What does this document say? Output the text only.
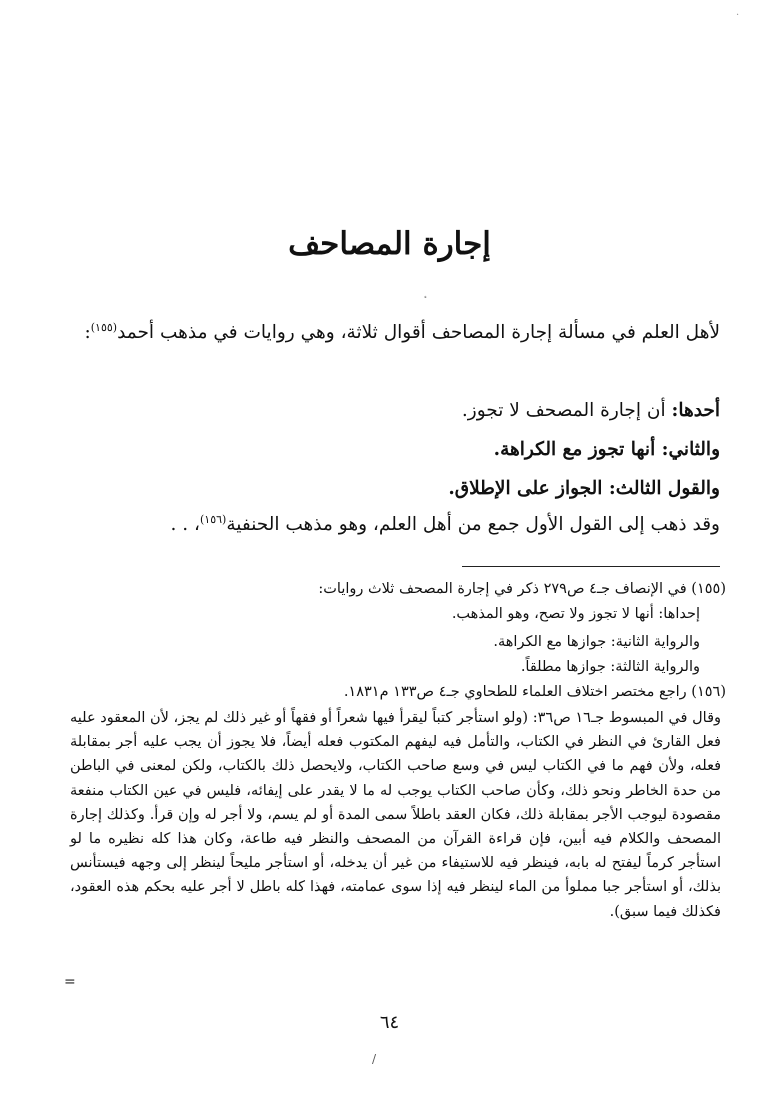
إجارة المصاحف
·

لأهل العلم في مسألة إجارة المصاحف أقوال ثلاثة، وهي روايات في مذهب أحمد$^{(١٥٥)}$:

أحدها: أن إجارة المصحف لا تجوز.

والثاني: أنها تجوز مع الكراهة.

والقول الثالث: الجواز على الإطلاق.

وقد ذهب إلى القول الأول جمع من أهل العلم، وهو مذهب الحنفية$^{(١٥٦)}$، . .

(١٥٥) في الإنصاف جـ٤ ص٢٧٩ ذكر في إجارة المصحف ثلاث روايات:

إحداها: أنها لا تجوز ولا تصح، وهو المذهب.

والرواية الثانية: جوازها مع الكراهة.

والرواية الثالثة: جوازها مطلقاً.

(١٥٦) راجع مختصر اختلاف العلماء للطحاوي جـ٤ ص١٣٣ م١٨٣١.

وقال في المبسوط جـ١٦ ص٣٦: (ولو استأجر كتباً ليقرأ فيها شعراً أو فقهاً أو غير ذلك لم يجز، لأن المعقود عليه فعل القارئ في النظر في الكتاب، والتأمل فيه ليفهم المكتوب فعله أيضاً، فلا يجوز أن يجب عليه أجر بمقابلة فعله، ولأن فهم ما في الكتاب ليس في وسع صاحب الكتاب، ولايحصل ذلك بالكتاب، ولكن لمعنى في الباطن من حدة الخاطر ونحو ذلك، وكأن صاحب الكتاب يوجب له ما لا يقدر على إيفائه، فليس في عين الكتاب منفعة مقصودة ليوجب الأجر بمقابلة ذلك، فكان العقد باطلاً سمى المدة أو لم يسم، ولا أجر له وإن قرأ. وكذلك إجارة المصحف والكلام فيه أبين، فإن قراءة القرآن من المصحف والنظر فيه طاعة، وكان هذا كله نظيره ما لو استأجر كرماً ليفتح له بابه، فينظر فيه للاستيفاء من غير أن يدخله، أو استأجر مليحاً لينظر إلى وجهه فيستأنس بذلك، أو استأجر جبا مملوأ من الماء لينظر فيه إذا سوى عمامته، فهذا كله باطل لا أجر عليه بحكم هذه العقود، فكذلك فيما سبق).

=

٦٤

/
